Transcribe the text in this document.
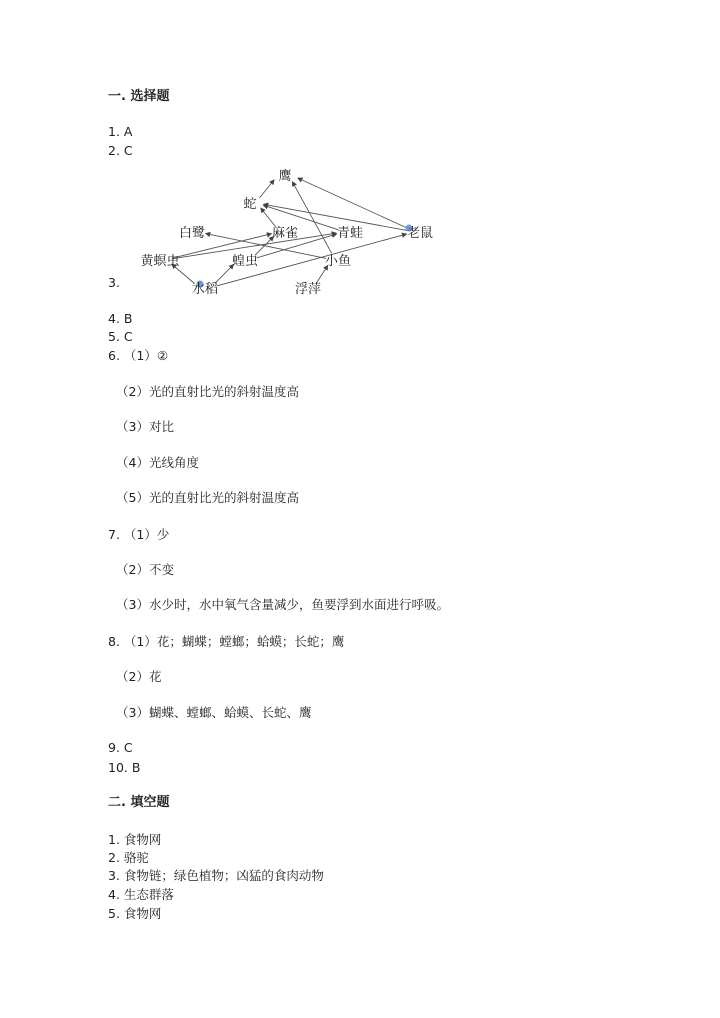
一. 选择题
1. A
2. C
鹰
蛇
白鹭	麻雀	青蛙	老鼠
黄螟虫	蝗虫	小鱼
水稻	浮萍
3.
4. B
5. C
6. （1）②
（2）光的直射比光的斜射温度高
（3）对比
（4）光线角度
（5）光的直射比光的斜射温度高
7. （1）少
（2）不变
（3）水少时，水中氧气含量减少，鱼要浮到水面进行呼吸。
8. （1）花；蝴蝶；螳螂；蛤蟆；长蛇；鹰
（2）花
（3）蝴蝶、螳螂、蛤蟆、长蛇、鹰
9. C
10. B
二. 填空题
1. 食物网
2. 骆驼
3. 食物链；绿色植物；凶猛的食肉动物
4. 生态群落
5. 食物网
